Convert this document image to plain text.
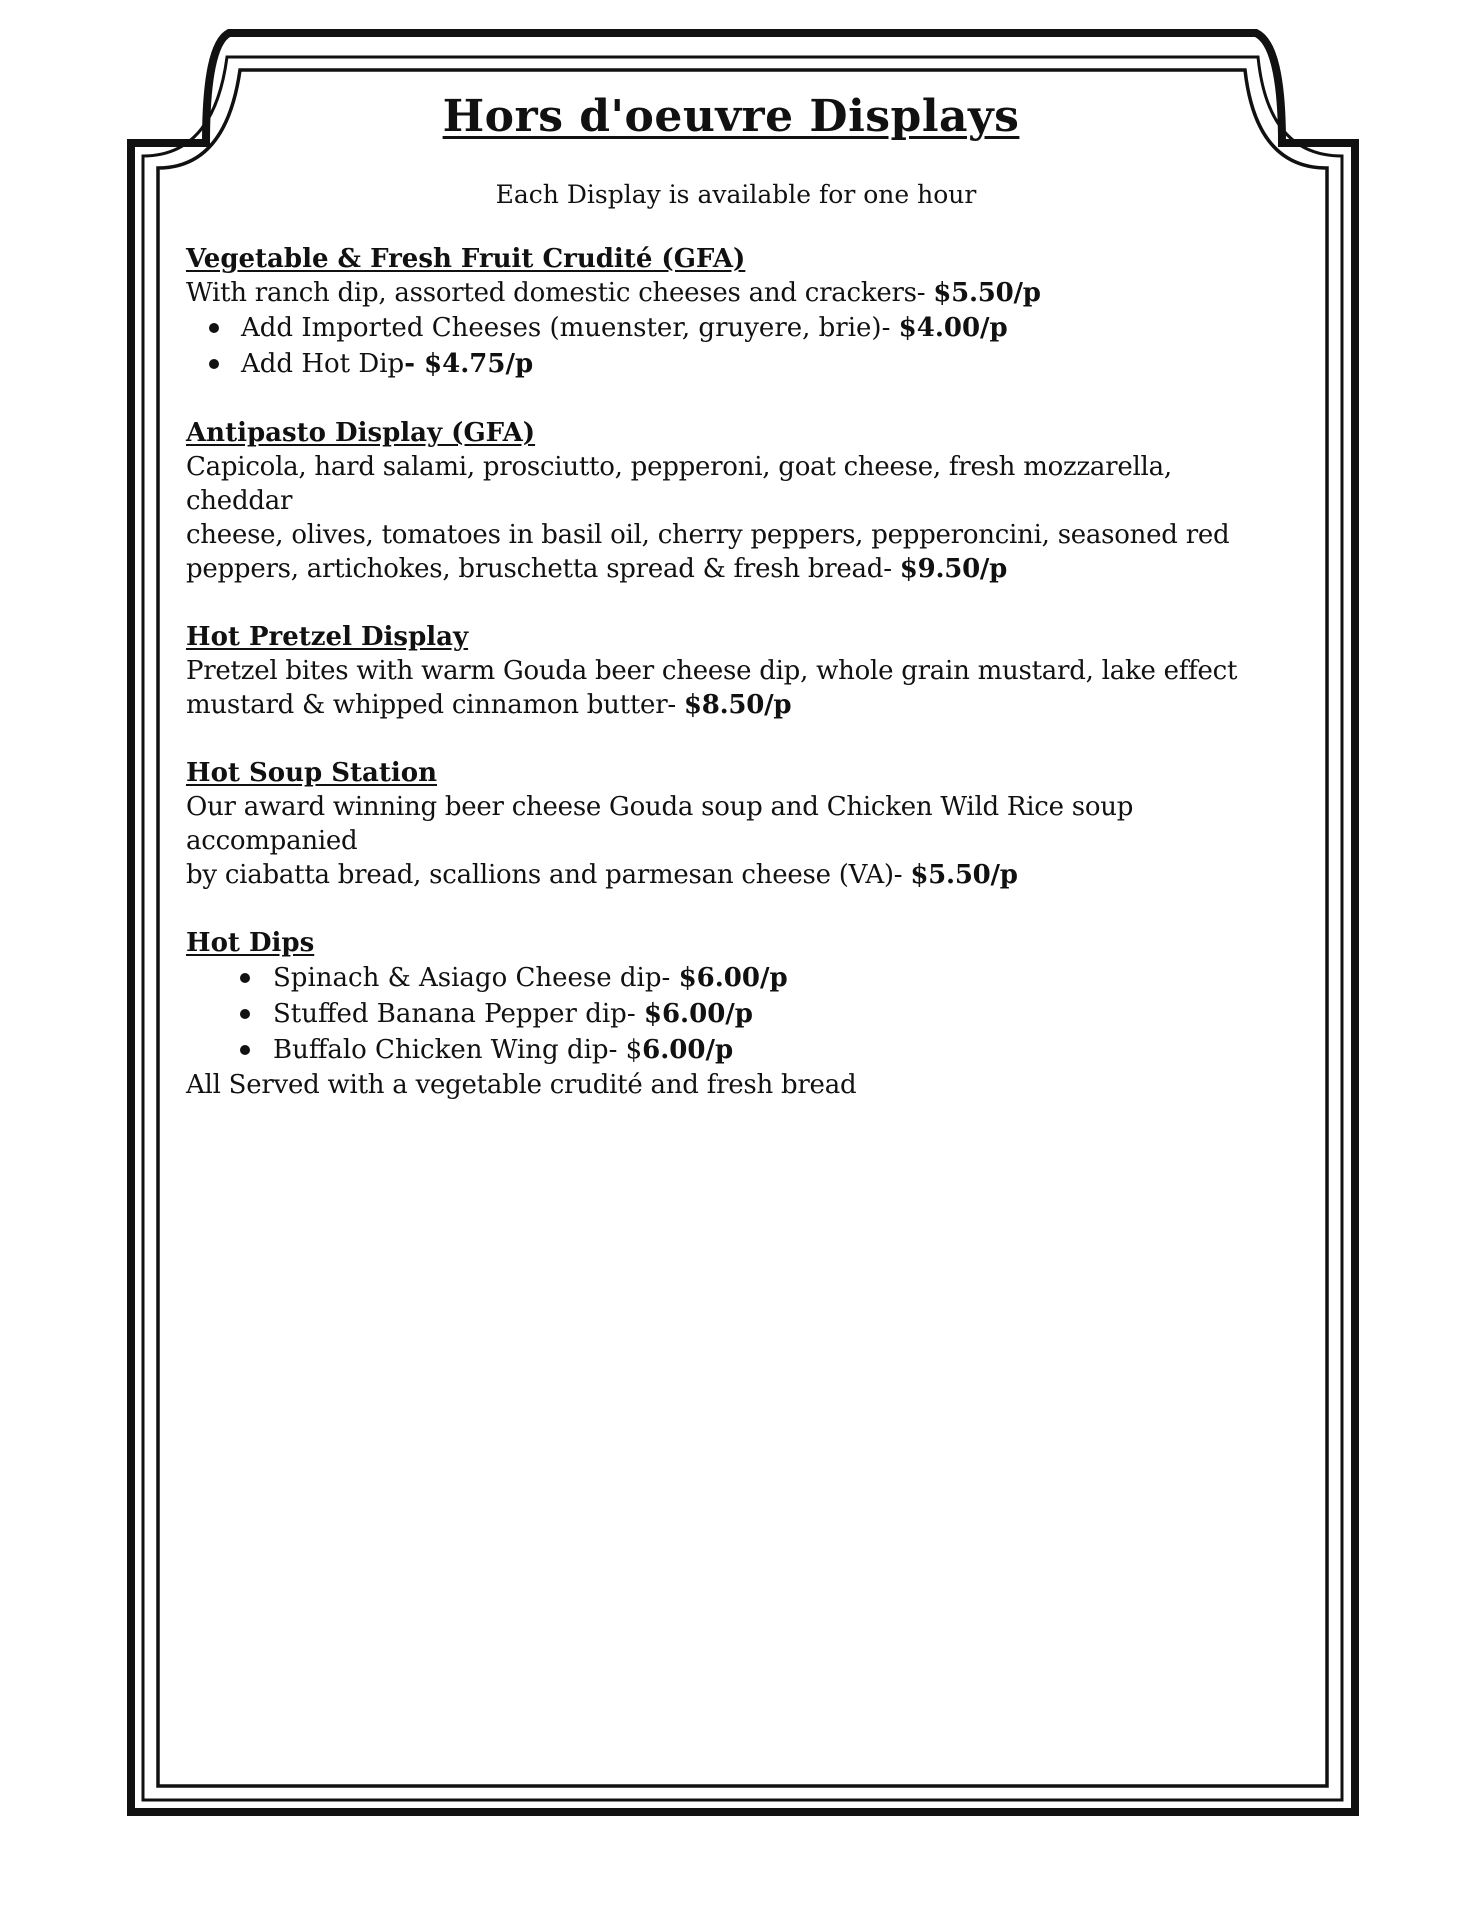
Hors d'oeuvre Displays
Each Display is available for one hour
Vegetable & Fresh Fruit Crudité (GFA)
With ranch dip, assorted domestic cheeses and crackers- $5.50/p
Add Imported Cheeses (muenster, gruyere, brie)- $4.00/p
Add Hot Dip- $4.75/p
Antipasto Display (GFA)
Capicola, hard salami, prosciutto, pepperoni, goat cheese, fresh mozzarella, cheddar
cheese, olives, tomatoes in basil oil, cherry peppers, pepperoncini, seasoned red
peppers, artichokes, bruschetta spread & fresh bread- $9.50/p
Hot Pretzel Display
Pretzel bites with warm Gouda beer cheese dip, whole grain mustard, lake effect
mustard & whipped cinnamon butter- $8.50/p
Hot Soup Station
Our award winning beer cheese Gouda soup and Chicken Wild Rice soup accompanied
by ciabatta bread, scallions and parmesan cheese (VA)- $5.50/p
Hot Dips
Spinach & Asiago Cheese dip- $6.00/p
Stuffed Banana Pepper dip- $6.00/p
Buffalo Chicken Wing dip- $6.00/p
All Served with a vegetable crudité and fresh bread
